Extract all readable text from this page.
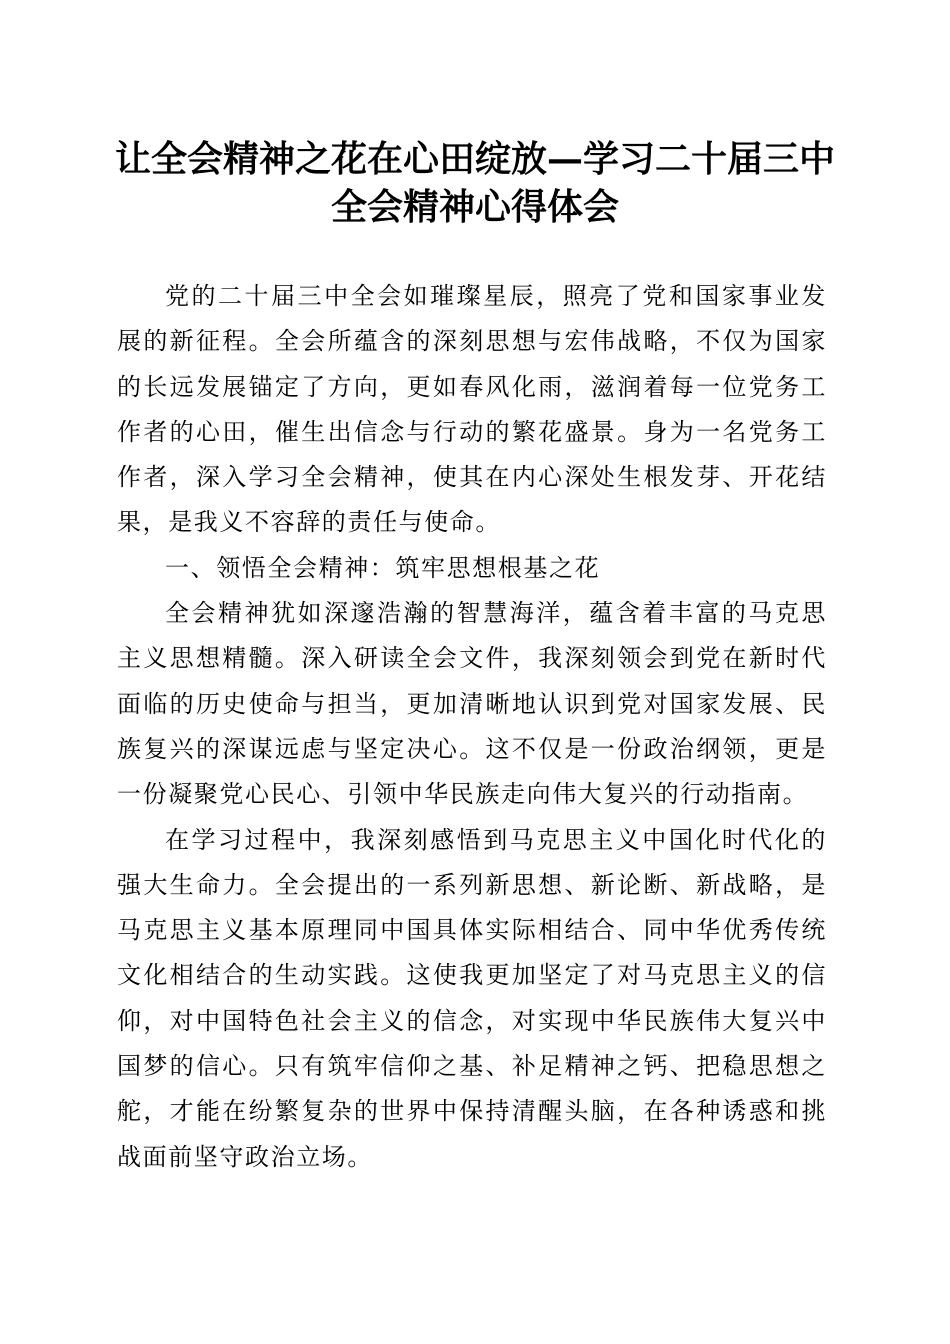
让全会精神之花在心田绽放—学习二十届三中
全会精神心得体会

党的二十届三中全会如璀璨星辰，照亮了党和国家事业发展的新征程。全会所蕴含的深刻思想与宏伟战略，不仅为国家的长远发展锚定了方向，更如春风化雨，滋润着每一位党务工作者的心田，催生出信念与行动的繁花盛景。身为一名党务工作者，深入学习全会精神，使其在内心深处生根发芽、开花结果，是我义不容辞的责任与使命。

一、领悟全会精神：筑牢思想根基之花

全会精神犹如深邃浩瀚的智慧海洋，蕴含着丰富的马克思主义思想精髓。深入研读全会文件，我深刻领会到党在新时代面临的历史使命与担当，更加清晰地认识到党对国家发展、民族复兴的深谋远虑与坚定决心。这不仅是一份政治纲领，更是一份凝聚党心民心、引领中华民族走向伟大复兴的行动指南。

在学习过程中，我深刻感悟到马克思主义中国化时代化的强大生命力。全会提出的一系列新思想、新论断、新战略，是马克思主义基本原理同中国具体实际相结合、同中华优秀传统文化相结合的生动实践。这使我更加坚定了对马克思主义的信仰，对中国特色社会主义的信念，对实现中华民族伟大复兴中国梦的信心。只有筑牢信仰之基、补足精神之钙、把稳思想之舵，才能在纷繁复杂的世界中保持清醒头脑，在各种诱惑和挑战面前坚守政治立场。
